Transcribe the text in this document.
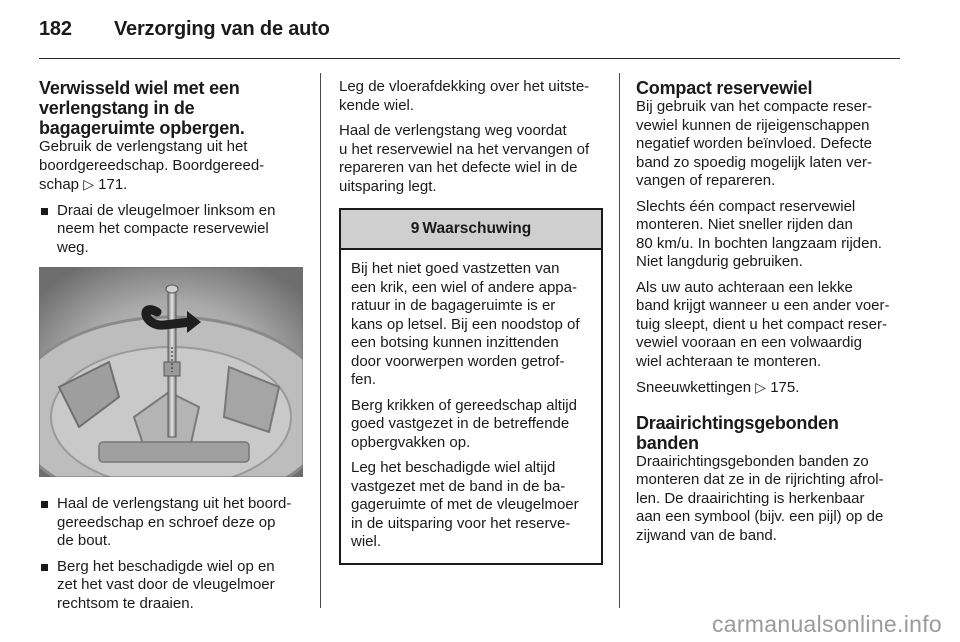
182 Verzorging van de auto
Verwisseld wiel met een
verlengstang in de
bagageruimte opbergen.

Gebruik de verlengstang uit het
boordgereedschap. Boordgereed-
schap ▷ 171.

Draai de vleugelmoer linksom en
neem het compacte reservewiel
weg.
Haal de verlengstang uit het boord-
gereedschap en schroef deze op
de bout.
Berg het beschadigde wiel op en
zet het vast door de vleugelmoer
rechtsom te draaien.

Leg de vloerafdekking over het uitste-
kende wiel.

Haal de verlengstang weg voordat
u het reservewiel na het vervangen of
repareren van het defecte wiel in de
uitsparing legt.

9 Waarschuwing

Bij het niet goed vastzetten van
een krik, een wiel of andere appa-
ratuur in de bagageruimte is er
kans op letsel. Bij een noodstop of
een botsing kunnen inzittenden
door voorwerpen worden getrof-
fen.

Berg krikken of gereedschap altijd
goed vastgezet in de betreffende
opbergvakken op.

Leg het beschadigde wiel altijd
vastgezet met de band in de ba-
gageruimte of met de vleugelmoer
in de uitsparing voor het reserve-
wiel.

Compact reservewiel

Bij gebruik van het compacte reser-
vewiel kunnen de rijeigenschappen
negatief worden beïnvloed. Defecte
band zo spoedig mogelijk laten ver-
vangen of repareren.

Slechts één compact reservewiel
monteren. Niet sneller rijden dan
80 km/u. In bochten langzaam rijden.
Niet langdurig gebruiken.

Als uw auto achteraan een lekke
band krijgt wanneer u een ander voer-
tuig sleept, dient u het compact reser-
vewiel vooraan en een volwaardig
wiel achteraan te monteren.

Sneeuwkettingen ▷ 175.

Draairichtingsgebonden
banden

Draairichtingsgebonden banden zo
monteren dat ze in de rijrichting afrol-
len. De draairichting is herkenbaar
aan een symbool (bijv. een pijl) op de
zijwand van de band.

carmanualsonline.info
